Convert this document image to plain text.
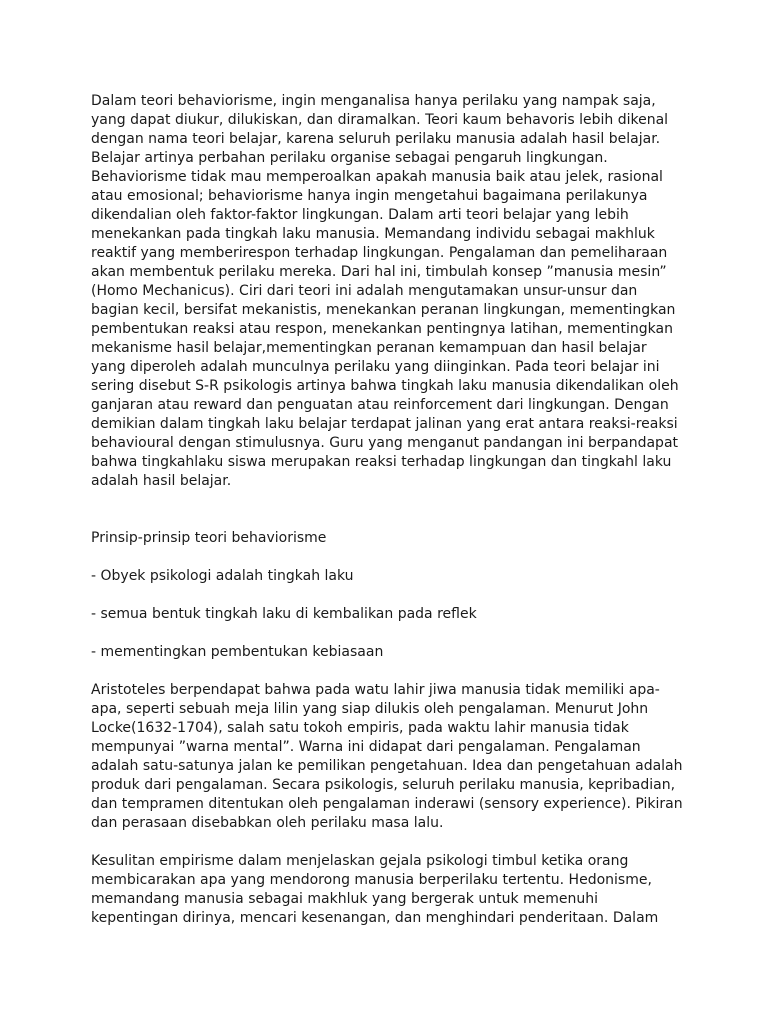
Dalam teori behaviorisme, ingin menganalisa hanya perilaku yang nampak saja,

yang dapat diukur, dilukiskan, dan diramalkan. Teori kaum behavoris lebih dikenal

dengan nama teori belajar, karena seluruh perilaku manusia adalah hasil belajar.

Belajar artinya perbahan perilaku organise sebagai pengaruh lingkungan.

Behaviorisme tidak mau memperoalkan apakah manusia baik atau jelek, rasional

atau emosional; behaviorisme hanya ingin mengetahui bagaimana perilakunya

dikendalian oleh faktor-faktor lingkungan. Dalam arti teori belajar yang lebih

menekankan pada tingkah laku manusia. Memandang individu sebagai makhluk

reaktif yang memberirespon terhadap lingkungan. Pengalaman dan pemeliharaan

akan membentuk perilaku mereka. Dari hal ini, timbulah konsep ”manusia mesin”

(Homo Mechanicus). Ciri dari teori ini adalah mengutamakan unsur-unsur dan

bagian kecil, bersifat mekanistis, menekankan peranan lingkungan, mementingkan

pembentukan reaksi atau respon, menekankan pentingnya latihan, mementingkan

mekanisme hasil belajar,mementingkan peranan kemampuan dan hasil belajar

yang diperoleh adalah munculnya perilaku yang diinginkan. Pada teori belajar ini

sering disebut S-R psikologis artinya bahwa tingkah laku manusia dikendalikan oleh

ganjaran atau reward dan penguatan atau reinforcement dari lingkungan. Dengan

demikian dalam tingkah laku belajar terdapat jalinan yang erat antara reaksi-reaksi

behavioural dengan stimulusnya. Guru yang menganut pandangan ini berpandapat

bahwa tingkahlaku siswa merupakan reaksi terhadap lingkungan dan tingkahl laku

adalah hasil belajar.

Prinsip-prinsip teori behaviorisme

- Obyek psikologi adalah tingkah laku

- semua bentuk tingkah laku di kembalikan pada reflek

- mementingkan pembentukan kebiasaan

Aristoteles berpendapat bahwa pada watu lahir jiwa manusia tidak memiliki apa-

apa, seperti sebuah meja lilin yang siap dilukis oleh pengalaman. Menurut John

Locke(1632-1704), salah satu tokoh empiris, pada waktu lahir manusia tidak

mempunyai ”warna mental”. Warna ini didapat dari pengalaman. Pengalaman

adalah satu-satunya jalan ke pemilikan pengetahuan. Idea dan pengetahuan adalah

produk dari pengalaman. Secara psikologis, seluruh perilaku manusia, kepribadian,

dan tempramen ditentukan oleh pengalaman inderawi (sensory experience). Pikiran

dan perasaan disebabkan oleh perilaku masa lalu.

Kesulitan empirisme dalam menjelaskan gejala psikologi timbul ketika orang

membicarakan apa yang mendorong manusia berperilaku tertentu. Hedonisme,

memandang manusia sebagai makhluk yang bergerak untuk memenuhi

kepentingan dirinya, mencari kesenangan, dan menghindari penderitaan. Dalam
